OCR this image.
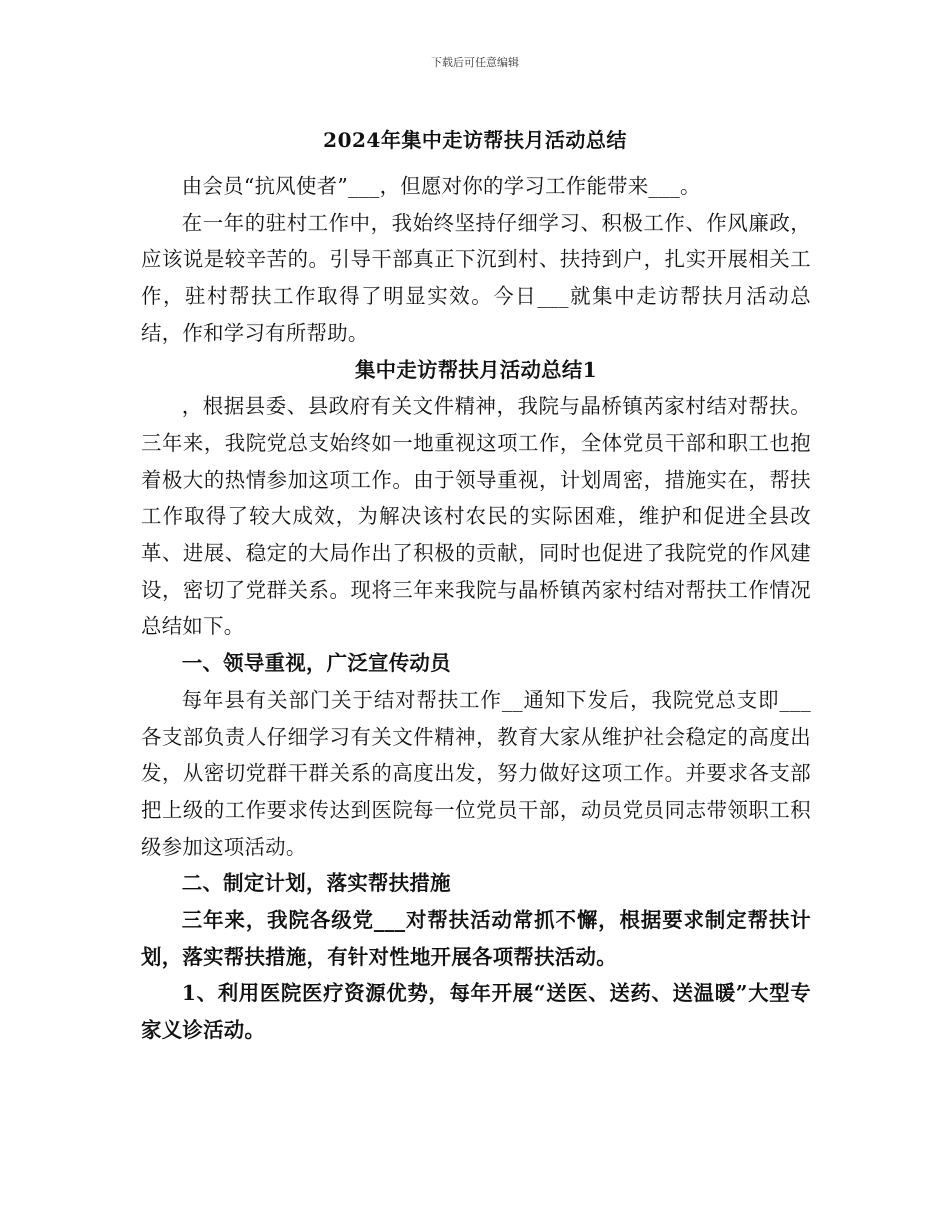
下载后可任意编辑
2024年集中走访帮扶月活动总结

由会员“抗风使者”___，但愿对你的学习工作能带来___。

在一年的驻村工作中，我始终坚持仔细学习、积极工作、作风廉政，应该说是较辛苦的。引导干部真正下沉到村、扶持到户，扎实开展相关工作，驻村帮扶工作取得了明显实效。今日___就集中走访帮扶月活动总结，作和学习有所帮助。

集中走访帮扶月活动总结1

，根据县委、县政府有关文件精神，我院与晶桥镇芮家村结对帮扶。三年来，我院党总支始终如一地重视这项工作，全体党员干部和职工也抱着极大的热情参加这项工作。由于领导重视，计划周密，措施实在，帮扶工作取得了较大成效，为解决该村农民的实际困难，维护和促进全县改革、进展、稳定的大局作出了积极的贡献，同时也促进了我院党的作风建设，密切了党群关系。现将三年来我院与晶桥镇芮家村结对帮扶工作情况总结如下。

一、领导重视，广泛宣传动员

每年县有关部门关于结对帮扶工作__通知下发后，我院党总支即___各支部负责人仔细学习有关文件精神，教育大家从维护社会稳定的高度出发，从密切党群干群关系的高度出发，努力做好这项工作。并要求各支部把上级的工作要求传达到医院每一位党员干部，动员党员同志带领职工积级参加这项活动。

二、制定计划，落实帮扶措施

三年来，我院各级党___对帮扶活动常抓不懈，根据要求制定帮扶计划，落实帮扶措施，有针对性地开展各项帮扶活动。

1、利用医院医疗资源优势，每年开展“送医、送药、送温暖”大型专家义诊活动。
